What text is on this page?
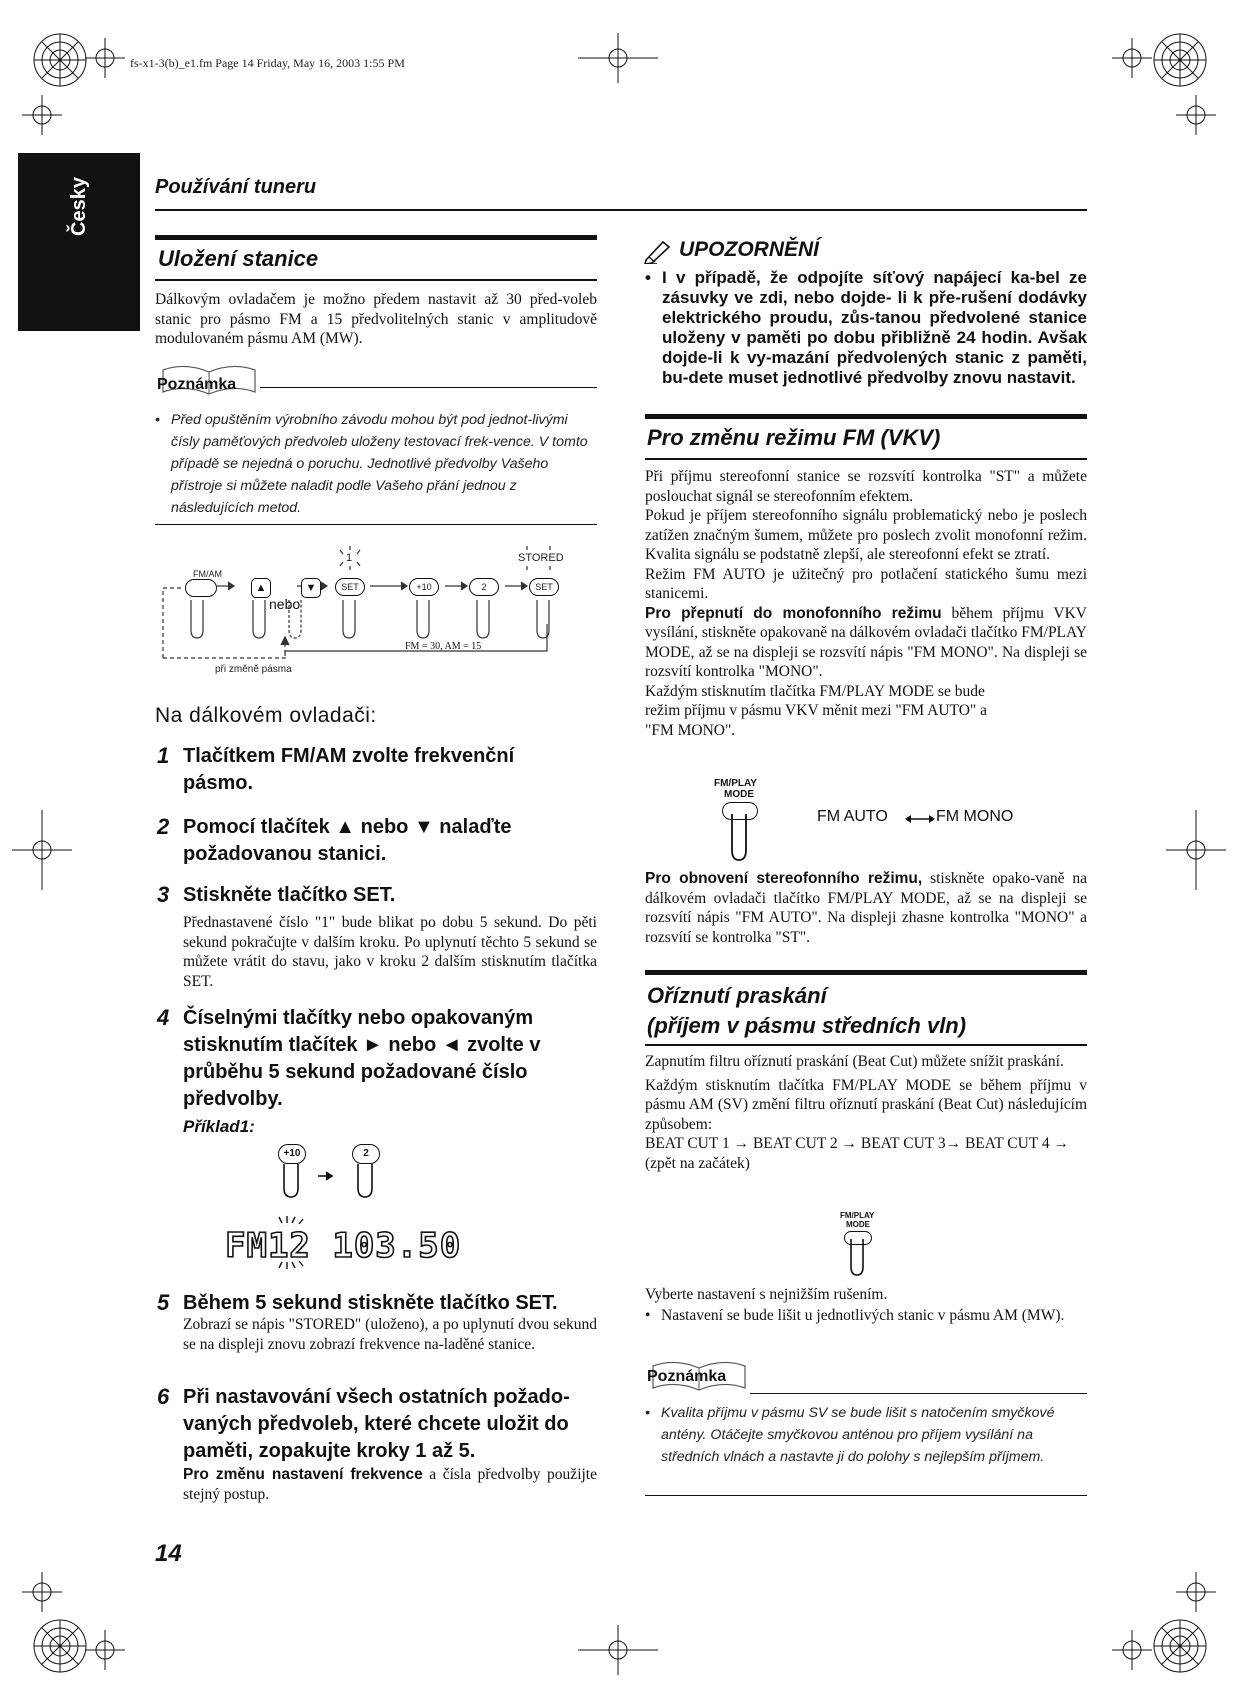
fs-x1-3(b)_e1.fm Page 14 Friday, May 16, 2003 1:55 PM
Česky	Používání tuneru
Uložení stanice
Dálkovým ovladačem je možno předem nastavit až 30 před-voleb stanic pro pásmo FM a 15 předvolitelných stanic v amplitudově modulovaném pásmu AM (MW).
Poznámka
• Před opuštěním výrobního závodu mohou být pod jednot-livými čísly paměťových předvoleb uloženy testovací frek-vence. V tomto případě se nejedná o poruchu. Jednotlivé předvolby Vašeho přístroje si můžete naladit podle Vašeho přání jednou z následujících metod.
FM/AM
▲	▼
nebo
1
SET	+10	2
STORED
SET
FM = 30, AM = 15
při změně pásma
Na dálkovém ovladači:
1 Tlačítkem FM/AM zvolte frekvenční pásmo.
2 Pomocí tlačítek ▲ nebo ▼ nalaďte požadovanou stanici.
3 Stiskněte tlačítko SET.
Přednastavené číslo "1" bude blikat po dobu 5 sekund. Do pěti sekund pokračujte v dalším kroku. Po uplynutí těchto 5 sekund se můžete vrátit do stavu, jako v kroku 2 dalším stisknutím tlačítka SET.
4 Číselnými tlačítky nebo opakovaným stisknutím tlačítek ► nebo ◄ zvolte v průběhu 5 sekund požadované číslo předvolby.
Příklad1:
+10	2
FM12 103.50
5 Během 5 sekund stiskněte tlačítko SET.
Zobrazí se nápis "STORED" (uloženo), a po uplynutí dvou sekund se na displeji znovu zobrazí frekvence na-laděné stanice.
6 Při nastavování všech ostatních požado-vaných předvoleb, které chcete uložit do paměti, zopakujte kroky 1 až 5.
Pro změnu nastavení frekvence a čísla předvolby použijte stejný postup.
14
UPOZORNĚNÍ
• I v případě, že odpojíte síťový napájecí ka-bel ze zásuvky ve zdi, nebo dojde- li k pře-rušení dodávky elektrického proudu, zůs-tanou předvolené stanice uloženy v paměti po dobu přibližně 24 hodin. Avšak dojde-li k vy-mazání předvolených stanic z paměti, bu-dete muset jednotlivé předvolby znovu nastavit.
Pro změnu režimu FM (VKV)
Při příjmu stereofonní stanice se rozsvítí kontrolka "ST" a můžete poslouchat signál se stereofonním efektem.
Pokud je příjem stereofonního signálu problematický nebo je poslech zatížen značným šumem, můžete pro poslech zvolit monofonní režim. Kvalita signálu se podstatně zlepší, ale stereofonní efekt se ztratí.
Režim FM AUTO je užitečný pro potlačení statického šumu mezi stanicemi.
Pro přepnutí do monofonního režimu během příjmu VKV vysílání, stiskněte opakovaně na dálkovém ovladači tlačítko FM/PLAY MODE, až se na displeji se rozsvítí nápis "FM MONO". Na displeji se rozsvítí kontrolka "MONO".
Každým stisknutím tlačítka FM/PLAY MODE se bude režim příjmu v pásmu VKV měnit mezi "FM AUTO" a "FM MONO".
FM/PLAY
MODE
FM AUTO	FM MONO
Pro obnovení stereofonního režimu, stiskněte opako-vaně na dálkovém ovladači tlačítko FM/PLAY MODE, až se na displeji se rozsvítí nápis "FM AUTO". Na displeji zhasne kontrolka "MONO" a rozsvítí se kontrolka "ST".
Oříznutí praskání
(příjem v pásmu středních vln)
Zapnutím filtru oříznutí praskání (Beat Cut) můžete snížit praskání.
Každým stisknutím tlačítka FM/PLAY MODE se během příjmu v pásmu AM (SV) změní filtru oříznutí praskání (Beat Cut) následujícím způsobem:
BEAT CUT 1 → BEAT CUT 2 → BEAT CUT 3→ BEAT CUT 4 → (zpět na začátek)
FM/PLAY
MODE
Vyberte nastavení s nejnižším rušením.
• Nastavení se bude lišit u jednotlivých stanic v pásmu AM (MW).
Poznámka
• Kvalita příjmu v pásmu SV se bude lišit s natočením smyčkové antény. Otáčejte smyčkovou anténou pro příjem vysílání na středních vlnách a nastavte ji do polohy s nejlepším příjmem.
